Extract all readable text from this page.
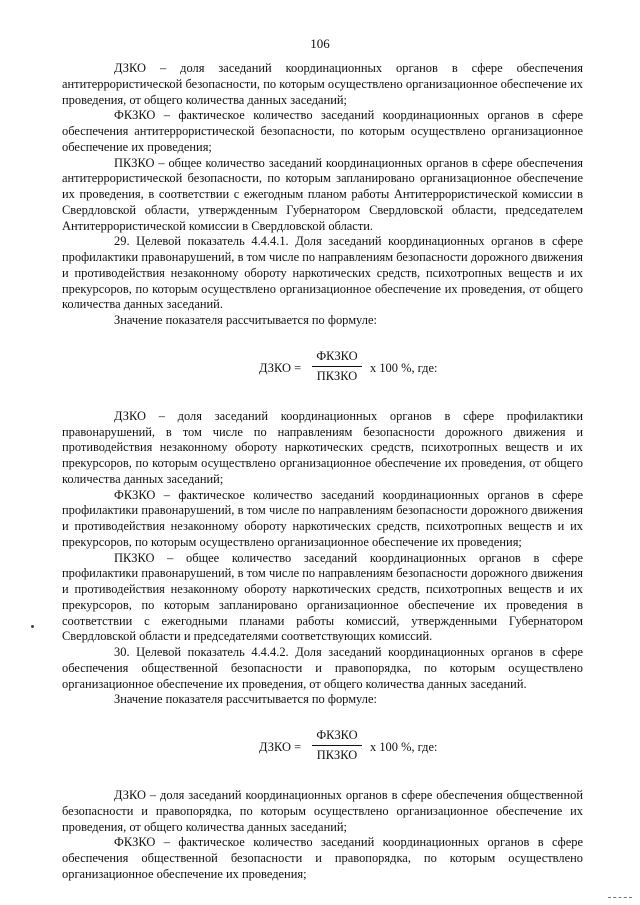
106

ДЗКО – доля заседаний координационных органов в сфере обеспечения антитеррористической безопасности, по которым осуществлено организационное обеспечение их проведения, от общего количества данных заседаний;

ФКЗКО – фактическое количество заседаний координационных органов в сфере обеспечения антитеррористической безопасности, по которым осуществлено организационное обеспечение их проведения;

ПКЗКО – общее количество заседаний координационных органов в сфере обеспечения антитеррористической безопасности, по которым запланировано организационное обеспечение их проведения, в соответствии с ежегодным планом работы Антитеррористической комиссии в Свердловской области, утвержденным Губернатором Свердловской области, председателем Антитеррористической комиссии в Свердловской области.

29. Целевой показатель 4.4.4.1. Доля заседаний координационных органов в сфере профилактики правонарушений, в том числе по направлениям безопасности дорожного движения и противодействия незаконному обороту наркотических средств, психотропных веществ и их прекурсоров, по которым осуществлено организационное обеспечение их проведения, от общего количества данных заседаний.

Значение показателя рассчитывается по формуле:

ДЗКО =
ФКЗКО
ПКЗКО
x 100 %, где:

ДЗКО – доля заседаний координационных органов в сфере профилактики правонарушений, в том числе по направлениям безопасности дорожного движения и противодействия незаконному обороту наркотических средств, психотропных веществ и их прекурсоров, по которым осуществлено организационное обеспечение их проведения, от общего количества данных заседаний;

ФКЗКО – фактическое количество заседаний координационных органов в сфере профилактики правонарушений, в том числе по направлениям безопасности дорожного движения и противодействия незаконному обороту наркотических средств, психотропных веществ и их прекурсоров, по которым осуществлено организационное обеспечение их проведения;

ПКЗКО – общее количество заседаний координационных органов в сфере профилактики правонарушений, в том числе по направлениям безопасности дорожного движения и противодействия незаконному обороту наркотических средств, психотропных веществ и их прекурсоров, по которым запланировано организационное обеспечение их проведения в соответствии с ежегодными планами работы комиссий, утвержденными Губернатором Свердловской области и председателями соответствующих комиссий.

30. Целевой показатель 4.4.4.2. Доля заседаний координационных органов в сфере обеспечения общественной безопасности и правопорядка, по которым осуществлено организационное обеспечение их проведения, от общего количества данных заседаний.

Значение показателя рассчитывается по формуле:

ДЗКО =
ФКЗКО
ПКЗКО
x 100 %, где:

ДЗКО – доля заседаний координационных органов в сфере обеспечения общественной безопасности и правопорядка, по которым осуществлено организационное обеспечение их проведения, от общего количества данных заседаний;

ФКЗКО – фактическое количество заседаний координационных органов в сфере обеспечения общественной безопасности и правопорядка, по которым осуществлено организационное обеспечение их проведения;
